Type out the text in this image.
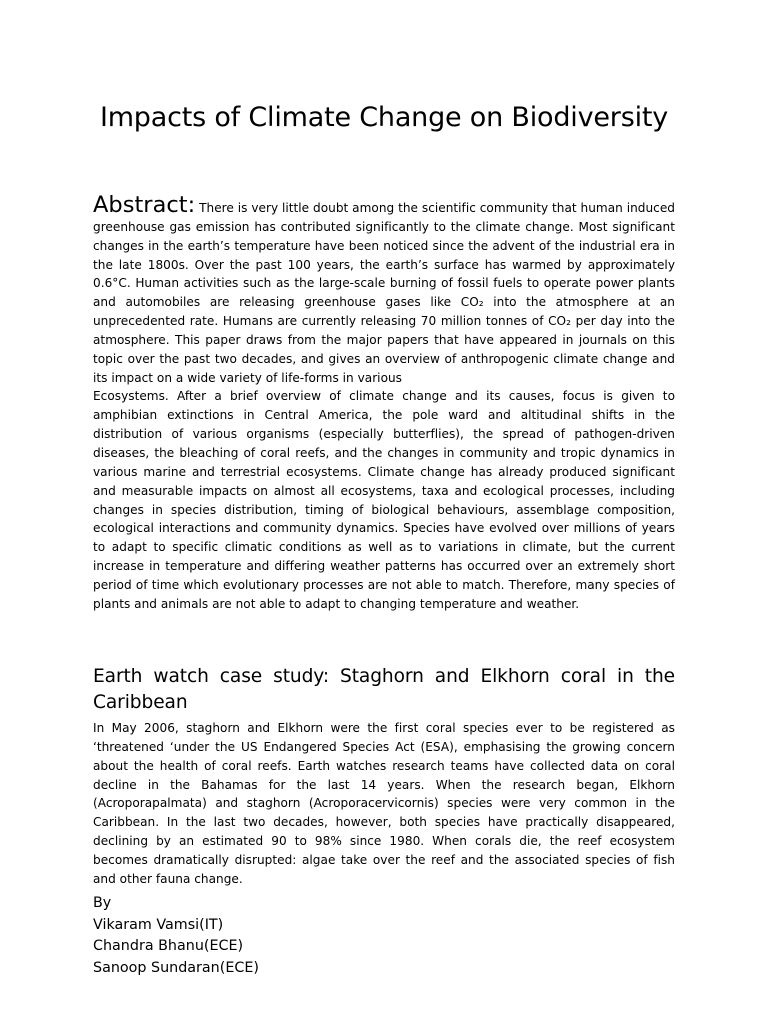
Impacts of Climate Change on Biodiversity

Abstract: There is very little doubt among the scientific community that human induced greenhouse gas emission has contributed significantly to the climate change. Most significant changes in the earth’s temperature have been noticed since the advent of the industrial era in the late 1800s. Over the past 100 years, the earth’s surface has warmed by approximately 0.6°C. Human activities such as the large-scale burning of fossil fuels to operate power plants and automobiles are releasing greenhouse gases like CO₂ into the atmosphere at an unprecedented rate. Humans are currently releasing 70 million tonnes of CO₂ per day into the atmosphere. This paper draws from the major papers that have appeared in journals on this topic over the past two decades, and gives an overview of anthropogenic climate change and its impact on a wide variety of life-forms in various
Ecosystems. After a brief overview of climate change and its causes, focus is given to amphibian extinctions in Central America, the pole ward and altitudinal shifts in the distribution of various organisms (especially butterflies), the spread of pathogen-driven diseases, the bleaching of coral reefs, and the changes in community and tropic dynamics in various marine and terrestrial ecosystems. Climate change has already produced significant and measurable impacts on almost all ecosystems, taxa and ecological processes, including changes in species distribution, timing of biological behaviours, assemblage composition, ecological interactions and community dynamics. Species have evolved over millions of years to adapt to specific climatic conditions as well as to variations in climate, but the current increase in temperature and differing weather patterns has occurred over an extremely short period of time which evolutionary processes are not able to match. Therefore, many species of plants and animals are not able to adapt to changing temperature and weather.

Earth watch case study: Staghorn and Elkhorn coral in the Caribbean

In May 2006, staghorn and Elkhorn were the first coral species ever to be registered as ‘threatened ‘under the US Endangered Species Act (ESA), emphasising the growing concern about the health of coral reefs. Earth watches research teams have collected data on coral decline in the Bahamas for the last 14 years. When the research began, Elkhorn (Acroporapalmata) and staghorn (Acroporacervicornis) species were very common in the Caribbean. In the last two decades, however, both species have practically disappeared, declining by an estimated 90 to 98% since 1980. When corals die, the reef ecosystem becomes dramatically disrupted: algae take over the reef and the associated species of fish and other fauna change.

By
Vikaram Vamsi(IT)
Chandra Bhanu(ECE)
Sanoop Sundaran(ECE)
